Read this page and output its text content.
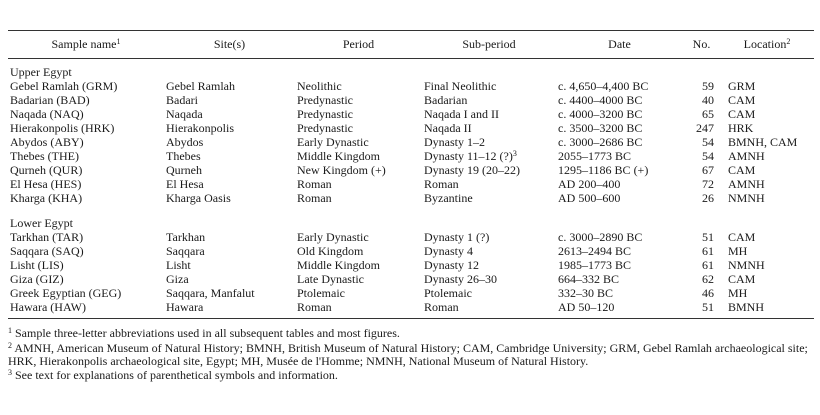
Sample name$^1$	Site(s)	Period	Sub-period	Date	No.	Location$^2$
Upper Egypt						
Gebel Ramlah (GRM)	Gebel Ramlah	Neolithic	Final Neolithic	c. 4,650–4,400 BC	59	GRM
Badarian (BAD)	Badari	Predynastic	Badarian	c. 4400–4000 BC	40	CAM
Naqada (NAQ)	Naqada	Predynastic	Naqada I and II	c. 4000–3200 BC	65	CAM
Hierakonpolis (HRK)	Hierakonpolis	Predynastic	Naqada II	c. 3500–3200 BC	247	HRK
Abydos (ABY)	Abydos	Early Dynastic	Dynasty 1–2	c. 3000–2686 BC	54	BMNH, CAM
Thebes (THE)	Thebes	Middle Kingdom	Dynasty 11–12 (?)$^3$	2055–1773 BC	54	AMNH
Qurneh (QUR)	Qurneh	New Kingdom (+)	Dynasty 19 (20–22)	1295–1186 BC (+)	67	CAM
El Hesa (HES)	El Hesa	Roman	Roman	AD 200–400	72	AMNH
Kharga (KHA)	Kharga Oasis	Roman	Byzantine	AD 500–600	26	NMNH

Lower Egypt						
Tarkhan (TAR)	Tarkhan	Early Dynastic	Dynasty 1 (?)	c. 3000–2890 BC	51	CAM
Saqqara (SAQ)	Saqqara	Old Kingdom	Dynasty 4	2613–2494 BC	61	MH
Lisht (LIS)	Lisht	Middle Kingdom	Dynasty 12	1985–1773 BC	61	NMNH
Giza (GIZ)	Giza	Late Dynastic	Dynasty 26–30	664–332 BC	62	CAM
Greek Egyptian (GEG)	Saqqara, Manfalut	Ptolemaic	Ptolemaic	332–30 BC	46	MH
Hawara (HAW)	Hawara	Roman	Roman	AD 50–120	51	BMNH

$^1$ Sample three-letter abbreviations used in all subsequent tables and most figures.

$^2$ AMNH, American Museum of Natural History; BMNH, British Museum of Natural History; CAM, Cambridge University; GRM, Gebel Ramlah archaeological site; HRK, Hierakonpolis archaeological site, Egypt; MH, Musée de l'Homme; NMNH, National Museum of Natural History.

$^3$ See text for explanations of parenthetical symbols and information.
